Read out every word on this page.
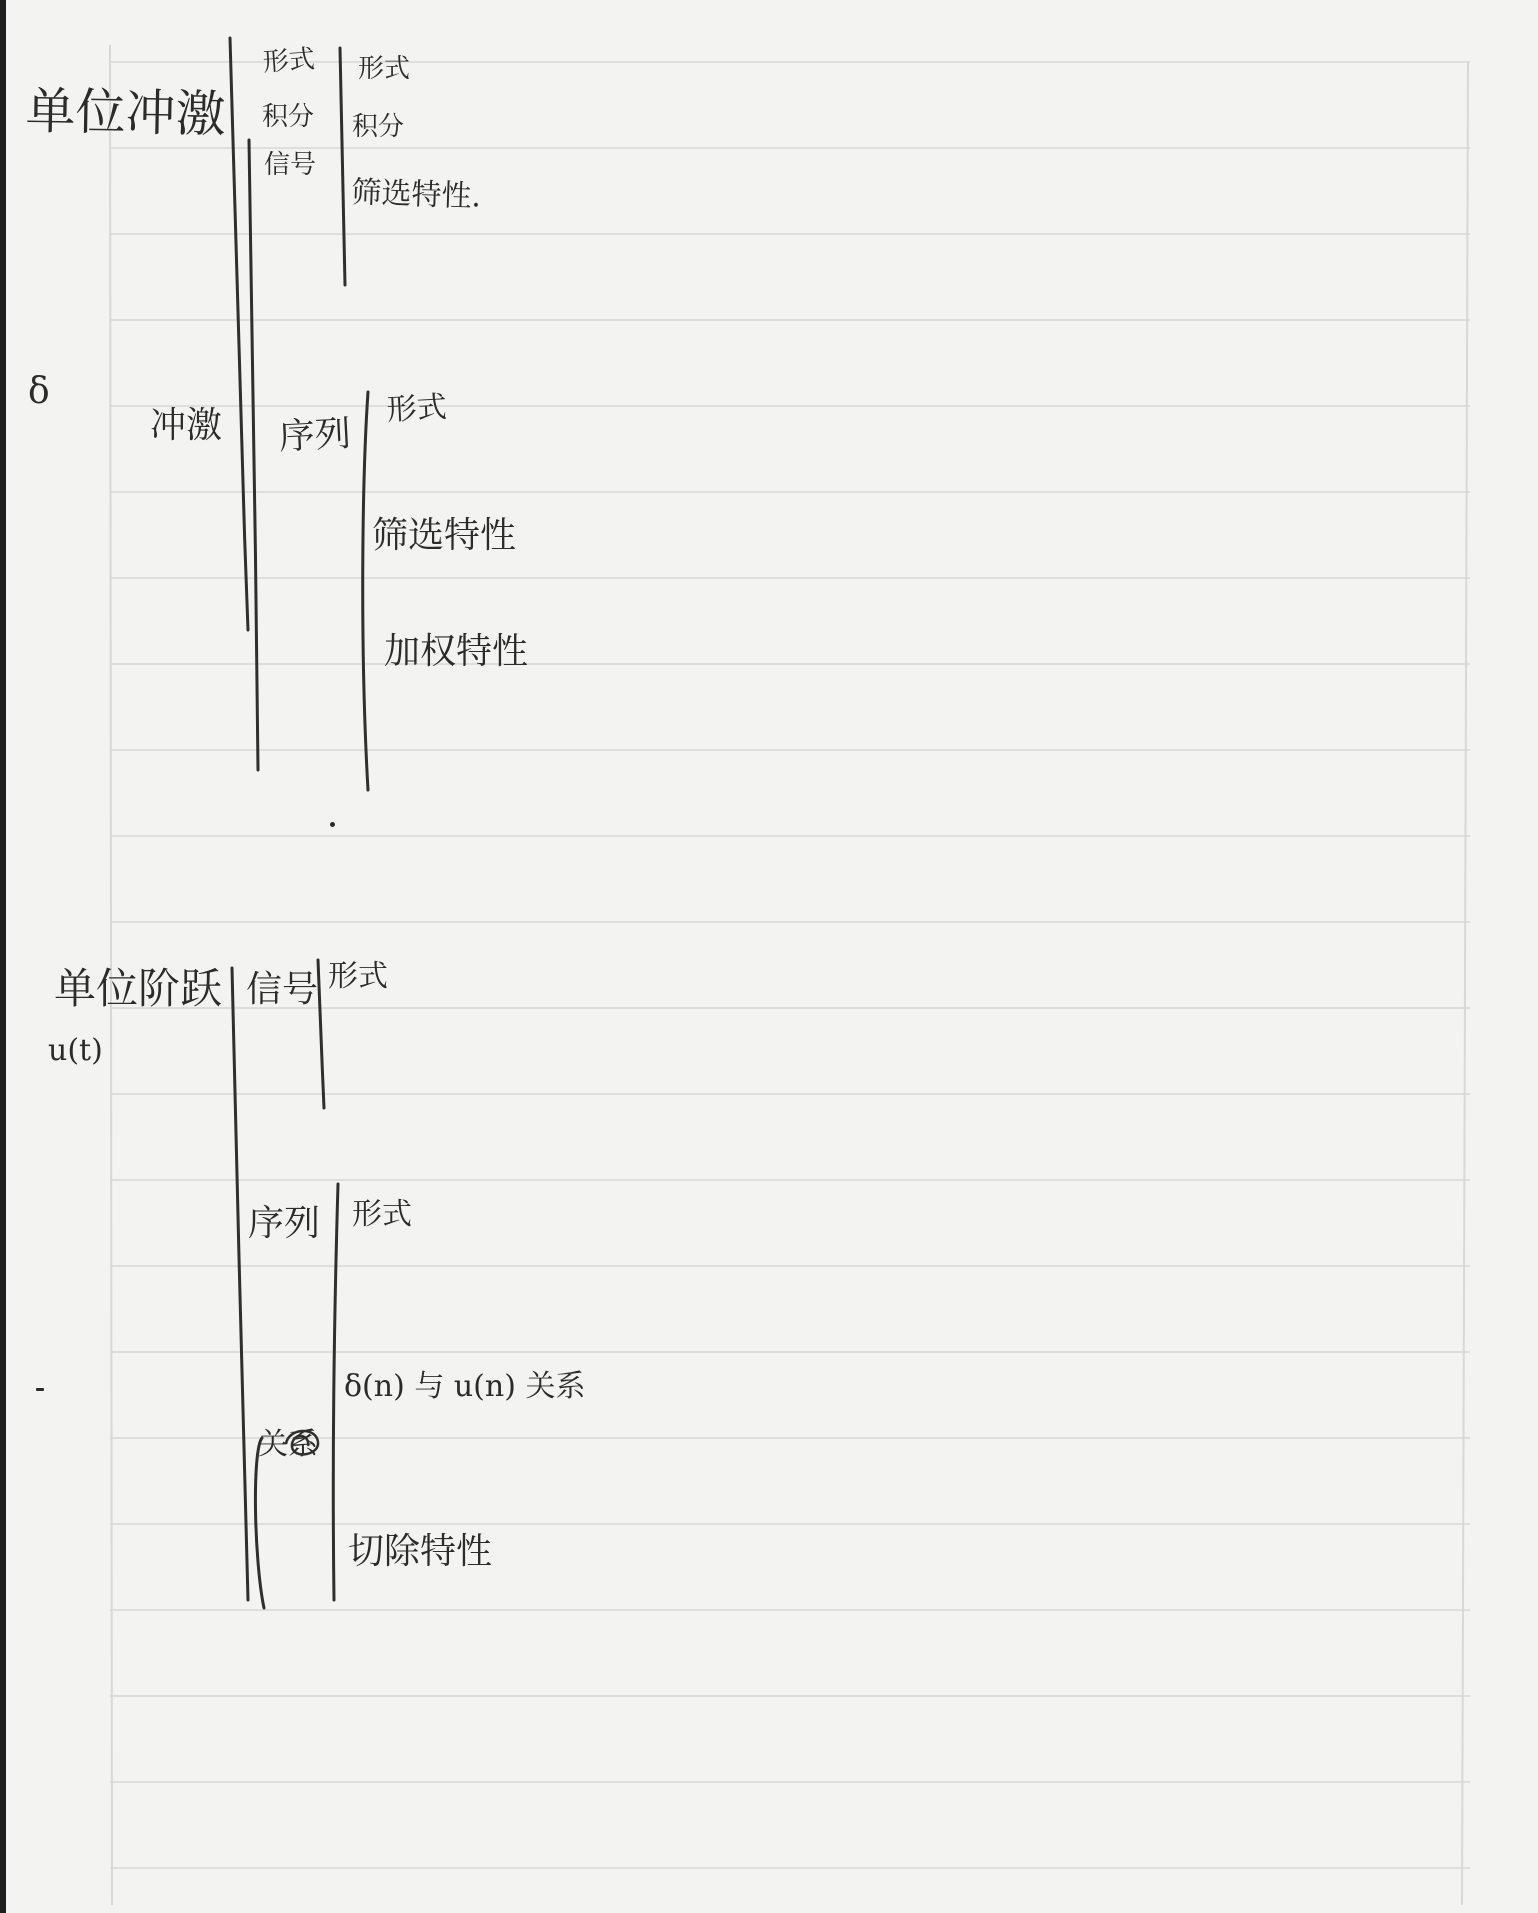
单位冲激
形式
积分
信号
形式
积分
筛选特性.
δ
冲激 序列
形式
筛选特性
加权特性
单位阶跃
u(t)
信号 形式
序列 形式
δ(n) 与 u(n) 关系
切除特性
关系
